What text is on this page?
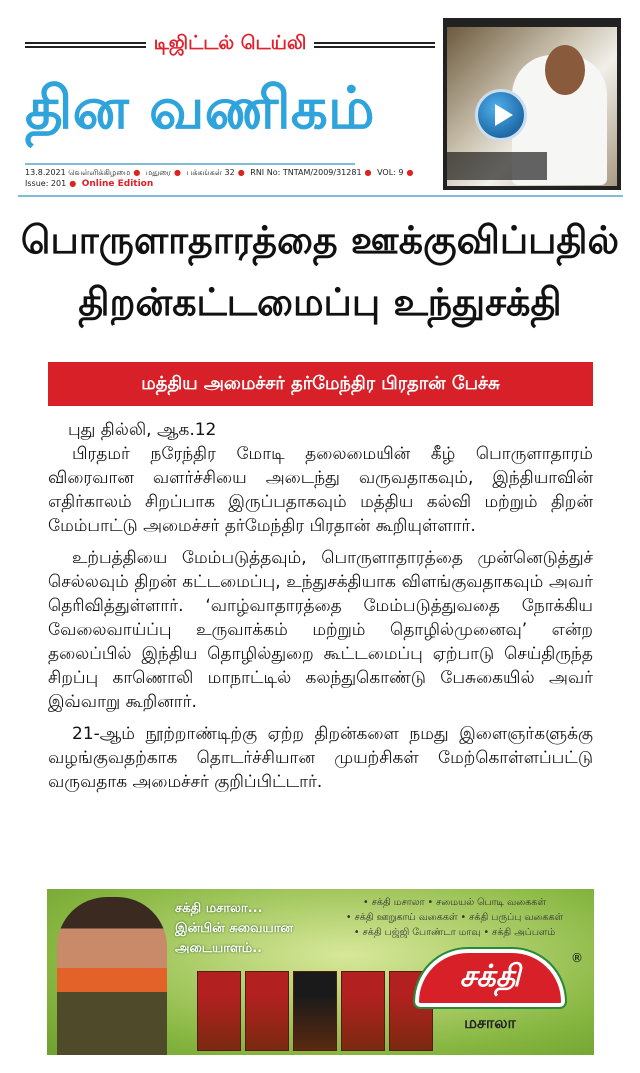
டிஜிட்டல் டெய்லி
தின வணிகம்
13.8.2021 வெள்ளிக்கிழமை ● மதுரை ● பக்கங்கள் 32 ● RNI No: TNTAM/2009/31281 ● VOL: 9 ● Issue: 201 ● Online Edition
பொருளாதாரத்தை ஊக்குவிப்பதில்
திறன்கட்டமைப்பு உந்துசக்தி
மத்திய அமைச்சர் தர்மேந்திர பிரதான் பேச்சு

புது தில்லி, ஆக.12

பிரதமர் நரேந்திர மோடி தலைமையின் கீழ் பொருளாதாரம் விரைவான வளர்ச்சியை அடைந்து வருவதாகவும், இந்தியாவின் எதிர்காலம் சிறப்பாக இருப்பதாகவும் மத்திய கல்வி மற்றும் திறன் மேம்பாட்டு அமைச்சர் தர்மேந்திர பிரதான் கூறியுள்ளார்.

உற்பத்தியை மேம்படுத்தவும், பொருளாதாரத்தை முன்னெடுத்துச் செல்லவும் திறன் கட்டமைப்பு, உந்துசக்தியாக விளங்குவதாகவும் அவர் தெரிவித்துள்ளார். ‘வாழ்வாதாரத்தை மேம்படுத்துவதை நோக்கிய வேலைவாய்ப்பு உருவாக்கம் மற்றும் தொழில்முனைவு’ என்ற தலைப்பில் இந்திய தொழில்துறை கூட்டமைப்பு ஏற்பாடு செய்திருந்த சிறப்பு காணொலி மாநாட்டில் கலந்துகொண்டு பேசுகையில் அவர் இவ்வாறு கூறினார்.

21-ஆம் நூற்றாண்டிற்கு ஏற்ற திறன்களை நமது இளைஞர்களுக்கு வழங்குவதற்காக தொடர்ச்சியான முயற்சிகள் மேற்கொள்ளப்பட்டு வருவதாக அமைச்சர் குறிப்பிட்டார்.

சக்தி மசாலா...
இன்பின் சுவையான
அடையாளம்..
• சக்தி மசாலா • சமையல் பொடி வகைகள்
• சக்தி ஊறுகாய் வகைகள் • சக்தி பருப்பு வகைகள்
• சக்தி பஜ்ஜி போண்டா மாவு • சக்தி அப்பளம்
சக்தி
®
மசாலா
